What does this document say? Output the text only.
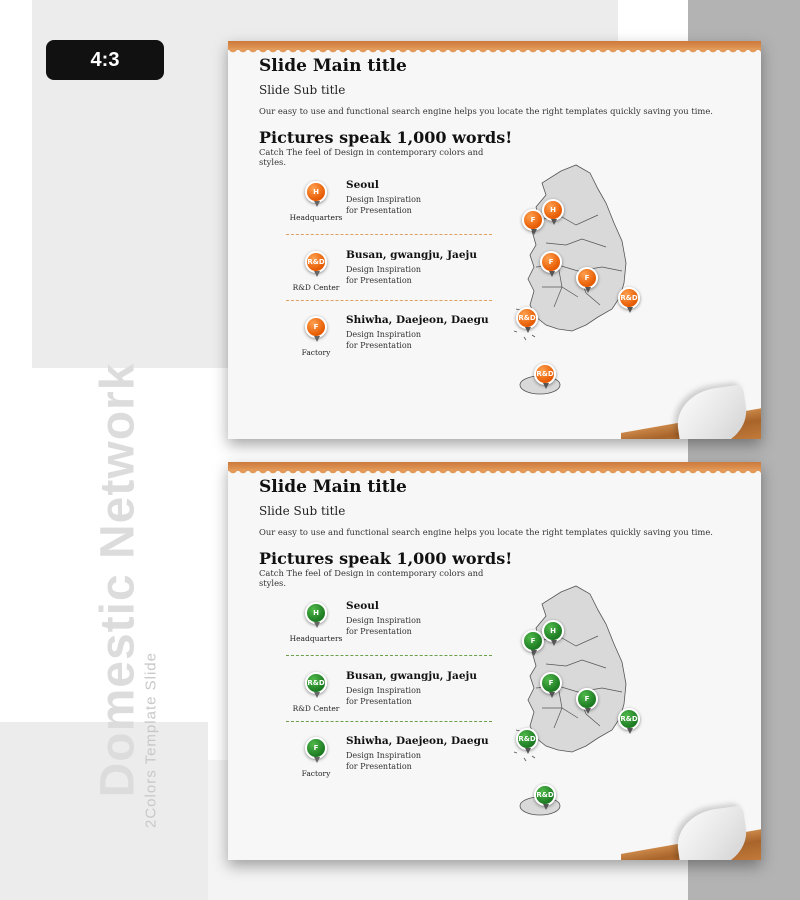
4:3
Domestic Network
2Colors Template Slide
Slide Main title
Slide Sub title
Our easy to use and functional search engine helps you locate the right templates quickly saving you time.
Pictures speak 1,000 words!
Catch The feel of Design in contemporary colors and styles.
H
Headquarters
Seoul
Design Inspiration
for Presentation
R&D
R&D Center
Busan, gwangju, Jaeju
Design Inspiration
for Presentation
F
Factory
Shiwha, Daejeon, Daegu
Design Inspiration
for Presentation
F
H
F
F
R&D
R&D
R&D
Slide Main title
Slide Sub title
Our easy to use and functional search engine helps you locate the right templates quickly saving you time.
Pictures speak 1,000 words!
Catch The feel of Design in contemporary colors and styles.
H
Headquarters
Seoul
Design Inspiration
for Presentation
R&D
R&D Center
Busan, gwangju, Jaeju
Design Inspiration
for Presentation
F
Factory
Shiwha, Daejeon, Daegu
Design Inspiration
for Presentation
F
H
F
F
R&D
R&D
R&D
